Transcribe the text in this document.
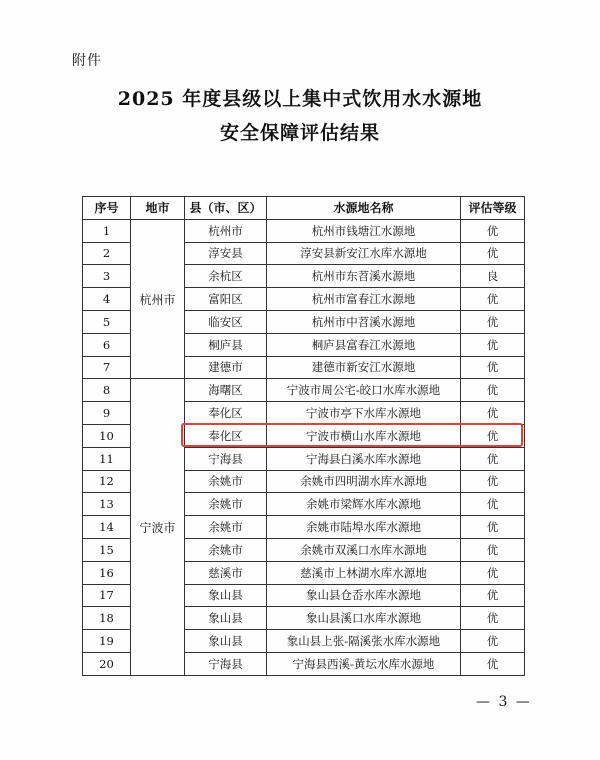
附件
2025 年度县级以上集中式饮用水水源地
安全保障评估结果
序号	地市	县（市、区）	水源地名称	评估等级
1	杭州市	杭州市	杭州市钱塘江水源地	优
2		淳安县	淳安县新安江水库水源地	优
3		余杭区	杭州市东苕溪水源地	良
4		富阳区	杭州市富春江水源地	优
5		临安区	杭州市中苕溪水源地	优
6		桐庐县	桐庐县富春江水源地	优
7		建德市	建德市新安江水源地	优
8	宁波市	海曙区	宁波市周公宅-皎口水库水源地	优
9		奉化区	宁波市亭下水库水源地	优
10		奉化区	宁波市横山水库水源地	优
11		宁海县	宁海县白溪水库水源地	优
12		余姚市	余姚市四明湖水库水源地	优
13		余姚市	余姚市梁辉水库水源地	优
14		余姚市	余姚市陆埠水库水源地	优
15		余姚市	余姚市双溪口水库水源地	优
16		慈溪市	慈溪市上林湖水库水源地	优
17		象山县	象山县仓岙水库水源地	优
18		象山县	象山县溪口水库水源地	优
19		象山县	象山县上张-隔溪张水库水源地	优
20		宁海县	宁海县西溪-黄坛水库水源地	优
— 3 —
